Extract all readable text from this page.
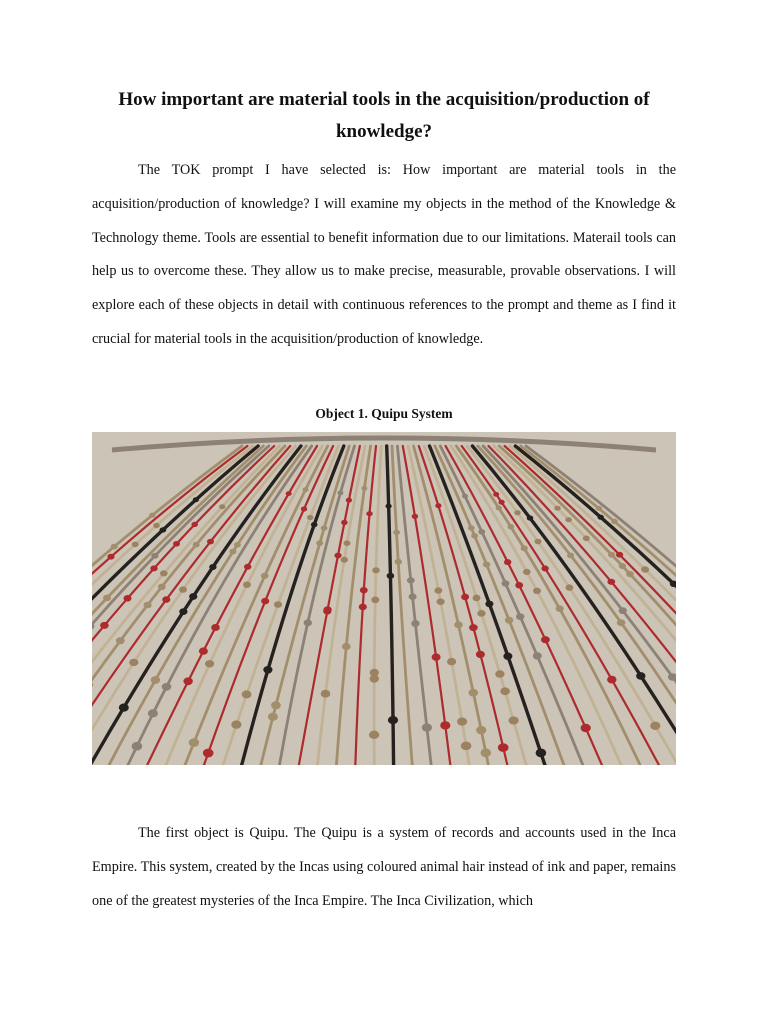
How important are material tools in the acquisition/production of knowledge?

The TOK prompt I have selected is: How important are material tools in the acquisition/production of knowledge? I will examine my objects in the method of the Knowledge & Technology theme. Tools are essential to benefit information due to our limitations. Materail tools can help us to overcome these. They allow us to make precise, measurable, provable observations. I will explore each of these objects in detail with continuous references to the prompt and theme as I find it crucial for material tools in the acquisition/production of knowledge.

Object 1. Quipu System

The first object is Quipu. The Quipu is a system of records and accounts used in the Inca Empire. This system, created by the Incas using coloured animal hair instead of ink and paper, remains one of the greatest mysteries of the Inca Empire. The Inca Civilization, which
